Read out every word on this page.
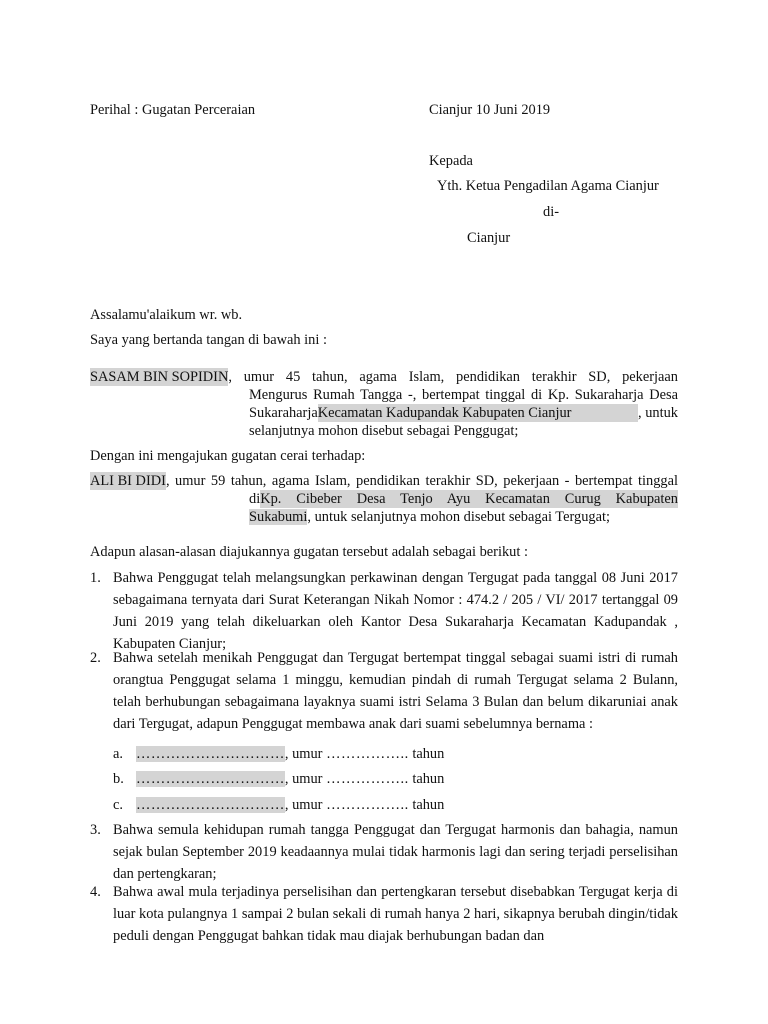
Perihal : Gugatan Perceraian	Cianjur 10 Juni 2019
Kepada
Yth. Ketua Pengadilan Agama Cianjur
di-
Cianjur
Assalamu'alaikum wr. wb.
Saya yang bertanda tangan di bawah ini :
SASAM BIN SOPIDIN , umur 45 tahun, agama Islam, pendidikan terakhir SD, pekerjaan
Mengurus Rumah Tangga -, bertempat tinggal di Kp. Sukaraharja Desa
Sukaraharja Kecamatan Kadupandak Kabupaten Cianjur	, untuk
selanjutnya mohon disebut sebagai Penggugat;
Dengan ini mengajukan gugatan cerai terhadap:
ALI BI DIDI , umur 59 tahun, agama Islam, pendidikan terakhir SD, pekerjaan - bertempat tinggal
di Kp. Cibeber Desa Tenjo Ayu Kecamatan Curug Kabupaten
Sukabumi, untuk selanjutnya mohon disebut sebagai Tergugat;
Adapun alasan-alasan diajukannya gugatan tersebut adalah sebagai berikut :
1. Bahwa Penggugat telah melangsungkan perkawinan dengan Tergugat pada tanggal 08 Juni 2017 sebagaimana ternyata dari Surat Keterangan Nikah Nomor : 474.2 / 205 / VI/ 2017 tertanggal 09 Juni 2019 yang telah dikeluarkan oleh Kantor Desa Sukaraharja Kecamatan Kadupandak , Kabupaten Cianjur;
2. Bahwa setelah menikah Penggugat dan Tergugat bertempat tinggal sebagai suami istri di rumah orangtua Penggugat selama 1 minggu, kemudian pindah di rumah Tergugat selama 2 Bulann, telah berhubungan sebagaimana layaknya suami istri Selama 3 Bulan dan belum dikaruniai anak dari Tergugat, adapun Penggugat membawa anak dari suami sebelumnya bernama :
a. …………………………, umur …………….. tahun
b. …………………………, umur …………….. tahun
c. …………………………, umur …………….. tahun
3. Bahwa semula kehidupan rumah tangga Penggugat dan Tergugat harmonis dan bahagia, namun sejak bulan September 2019 keadaannya mulai tidak harmonis lagi dan sering terjadi perselisihan dan pertengkaran;
4. Bahwa awal mula terjadinya perselisihan dan pertengkaran tersebut disebabkan Tergugat kerja di luar kota pulangnya 1 sampai 2 bulan sekali di rumah hanya 2 hari, sikapnya berubah dingin/tidak peduli dengan Penggugat bahkan tidak mau diajak berhubungan badan dan
